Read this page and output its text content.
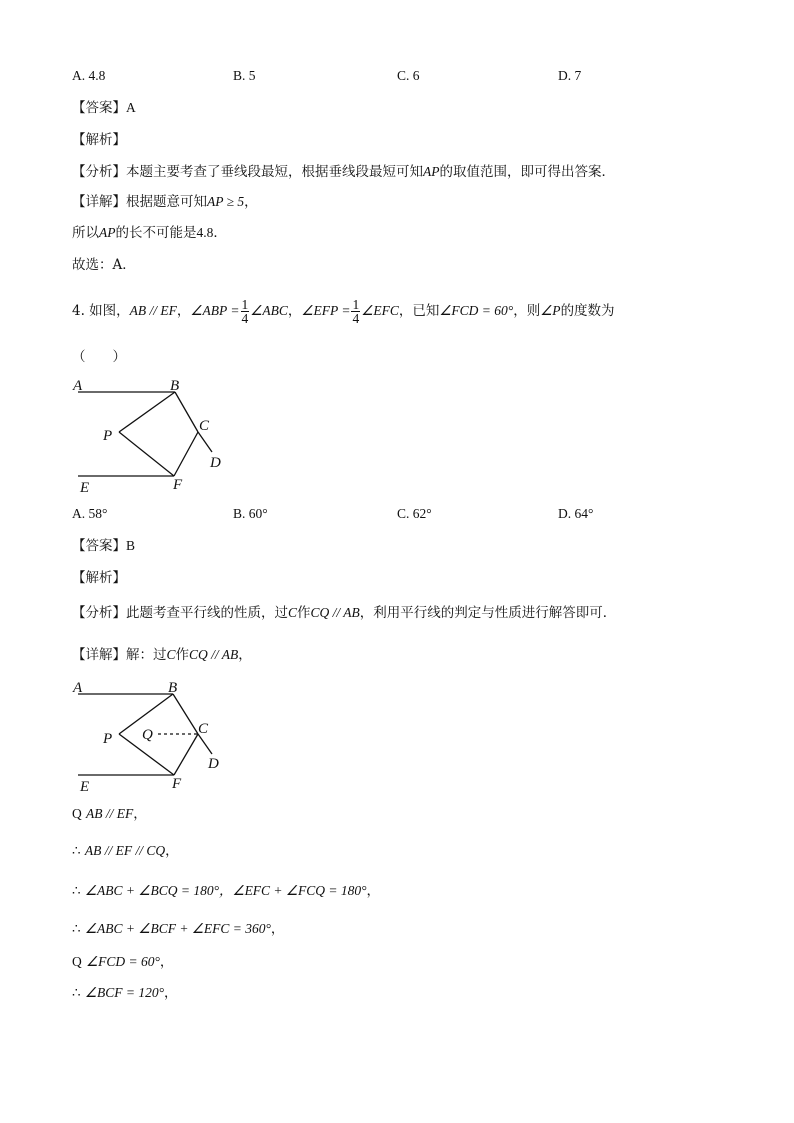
A. 4.8	B. 5	C. 6	D. 7
【答案】A
【解析】
【分析】本题主要考查了垂线段最短，根据垂线段最短可知AP的取值范围，即可得出答案．
【详解】根据题意可知AP ≥ 5，
所以AP的长不可能是4.8．
故选：A．
4. 如图，AB // EF，∠ABP = $\frac{1}{4}$ ∠ABC，∠EFP = $\frac{1}{4}$ ∠EFC，已知∠FCD = 60°，则∠P的度数为
（　　）
A	B
P
C
D
E	F
A. 58°	B. 60°	C. 62°	D. 64°
【答案】B
【解析】
【分析】此题考查平行线的性质，过C作CQ // AB，利用平行线的判定与性质进行解答即可．
【详解】解：过C作CQ // AB，
A	B
Q
P
C
D
E	F
Q AB // EF，
∴ AB // EF // CQ，
∴ ∠ABC + ∠BCQ = 180°，∠EFC + ∠FCQ = 180°，
∴ ∠ABC + ∠BCF + ∠EFC = 360°，
Q ∠FCD = 60°，
∴ ∠BCF = 120°，
